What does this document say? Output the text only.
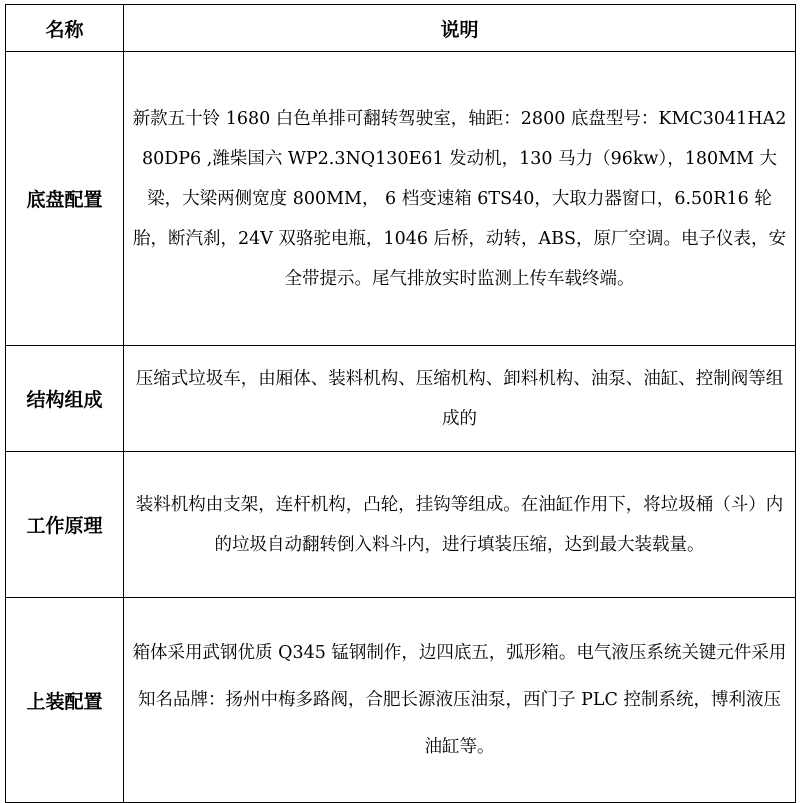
名称	说明
底盘配置	新款五十铃 1680 白色单排可翻转驾驶室，轴距：2800 底盘型号：KMC3041HA280DP6 ,潍柴国六 WP2.3NQ130E61 发动机，130 马力（96kw），180MM 大梁，大梁两侧宽度 800MM， 6 档变速箱 6TS40，大取力器窗口，6.50R16 轮胎，断汽刹，24V 双骆驼电瓶，1046 后桥，动转，ABS，原厂空调。电子仪表，安全带提示。尾气排放实时监测上传车载终端。
结构组成	压缩式垃圾车，由厢体、装料机构、压缩机构、卸料机构、油泵、油缸、控制阀等组成的
工作原理	装料机构由支架，连杆机构，凸轮，挂钩等组成。在油缸作用下，将垃圾桶（斗）内的垃圾自动翻转倒入料斗内，进行填装压缩，达到最大装载量。
上装配置	箱体采用武钢优质 Q345 锰钢制作，边四底五，弧形箱。电气液压系统关键元件采用知名品牌：扬州中梅多路阀，合肥长源液压油泵，西门子 PLC 控制系统，博利液压油缸等。
